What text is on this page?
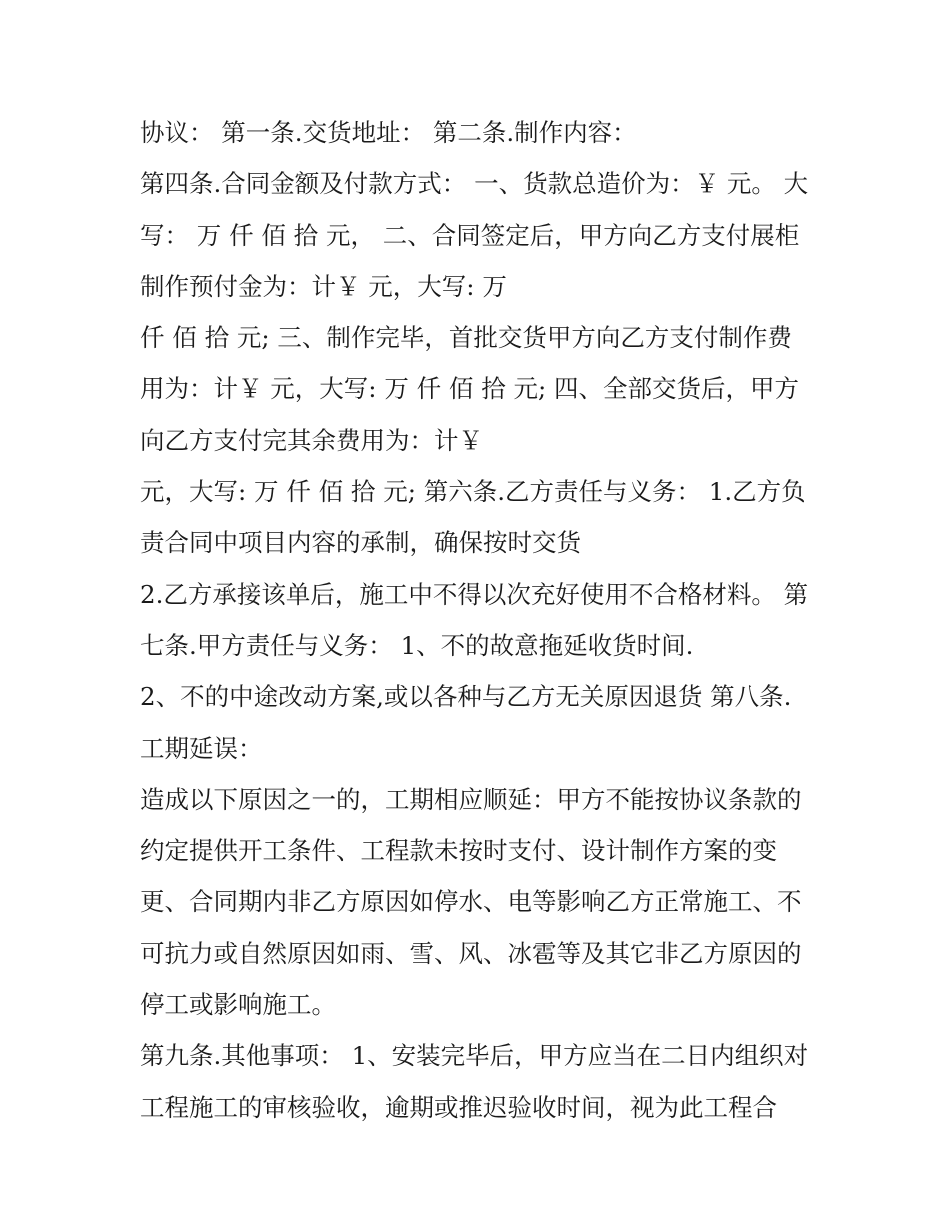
协议： 第一条.交货地址： 第二条.制作内容：
第四条.合同金额及付款方式： 一、货款总造价为：￥ 元。 大
写： 万 仟 佰 拾 元， 二、合同签定后，甲方向乙方支付展柜
制作预付金为：计￥ 元，大写: 万
仟 佰 拾 元; 三、制作完毕，首批交货甲方向乙方支付制作费
用为：计￥ 元，大写: 万 仟 佰 拾 元; 四、全部交货后，甲方
向乙方支付完其余费用为：计￥
元，大写: 万 仟 佰 拾 元; 第六条.乙方责任与义务： 1.乙方负
责合同中项目内容的承制，确保按时交货
2.乙方承接该单后，施工中不得以次充好使用不合格材料。 第
七条.甲方责任与义务： 1、不的故意拖延收货时间.
2、不的中途改动方案,或以各种与乙方无关原因退货 第八条.
工期延误：
造成以下原因之一的，工期相应顺延：甲方不能按协议条款的
约定提供开工条件、工程款未按时支付、设计制作方案的变
更、合同期内非乙方原因如停水、电等影响乙方正常施工、不
可抗力或自然原因如雨、雪、风、冰雹等及其它非乙方原因的
停工或影响施工。
第九条.其他事项： 1、安装完毕后，甲方应当在二日内组织对
工程施工的审核验收，逾期或推迟验收时间，视为此工程合
